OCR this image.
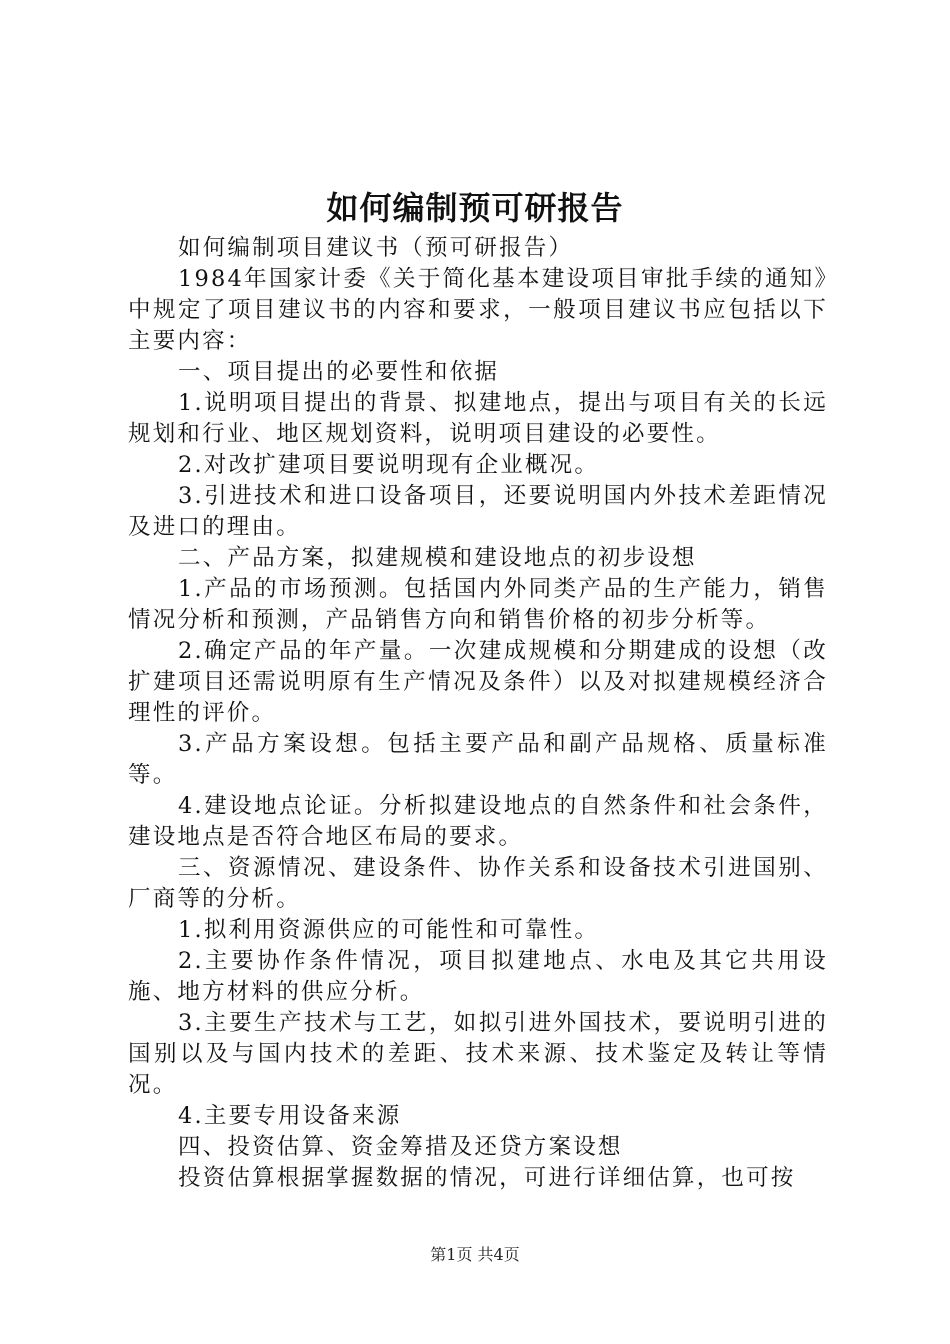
如何编制预可研报告

如何编制项目建议书（预可研报告）

1984年国家计委《关于简化基本建设项目审批手续的通知》中规定了项目建议书的内容和要求，一般项目建议书应包括以下主要内容：

一、项目提出的必要性和依据

1.说明项目提出的背景、拟建地点，提出与项目有关的长远规划和行业、地区规划资料，说明项目建设的必要性。

2.对改扩建项目要说明现有企业概况。

3.引进技术和进口设备项目，还要说明国内外技术差距情况及进口的理由。

二、产品方案，拟建规模和建设地点的初步设想

1.产品的市场预测。包括国内外同类产品的生产能力，销售情况分析和预测，产品销售方向和销售价格的初步分析等。

2.确定产品的年产量。一次建成规模和分期建成的设想（改扩建项目还需说明原有生产情况及条件）以及对拟建规模经济合理性的评价。

3.产品方案设想。包括主要产品和副产品规格、质量标准等。

4.建设地点论证。分析拟建设地点的自然条件和社会条件，建设地点是否符合地区布局的要求。

三、资源情况、建设条件、协作关系和设备技术引进国别、厂商等的分析。

1.拟利用资源供应的可能性和可靠性。

2.主要协作条件情况，项目拟建地点、水电及其它共用设施、地方材料的供应分析。

3.主要生产技术与工艺，如拟引进外国技术，要说明引进的国别以及与国内技术的差距、技术来源、技术鉴定及转让等情况。

4.主要专用设备来源

四、投资估算、资金筹措及还贷方案设想

投资估算根据掌握数据的情况，可进行详细估算，也可按

第1页 共4页
